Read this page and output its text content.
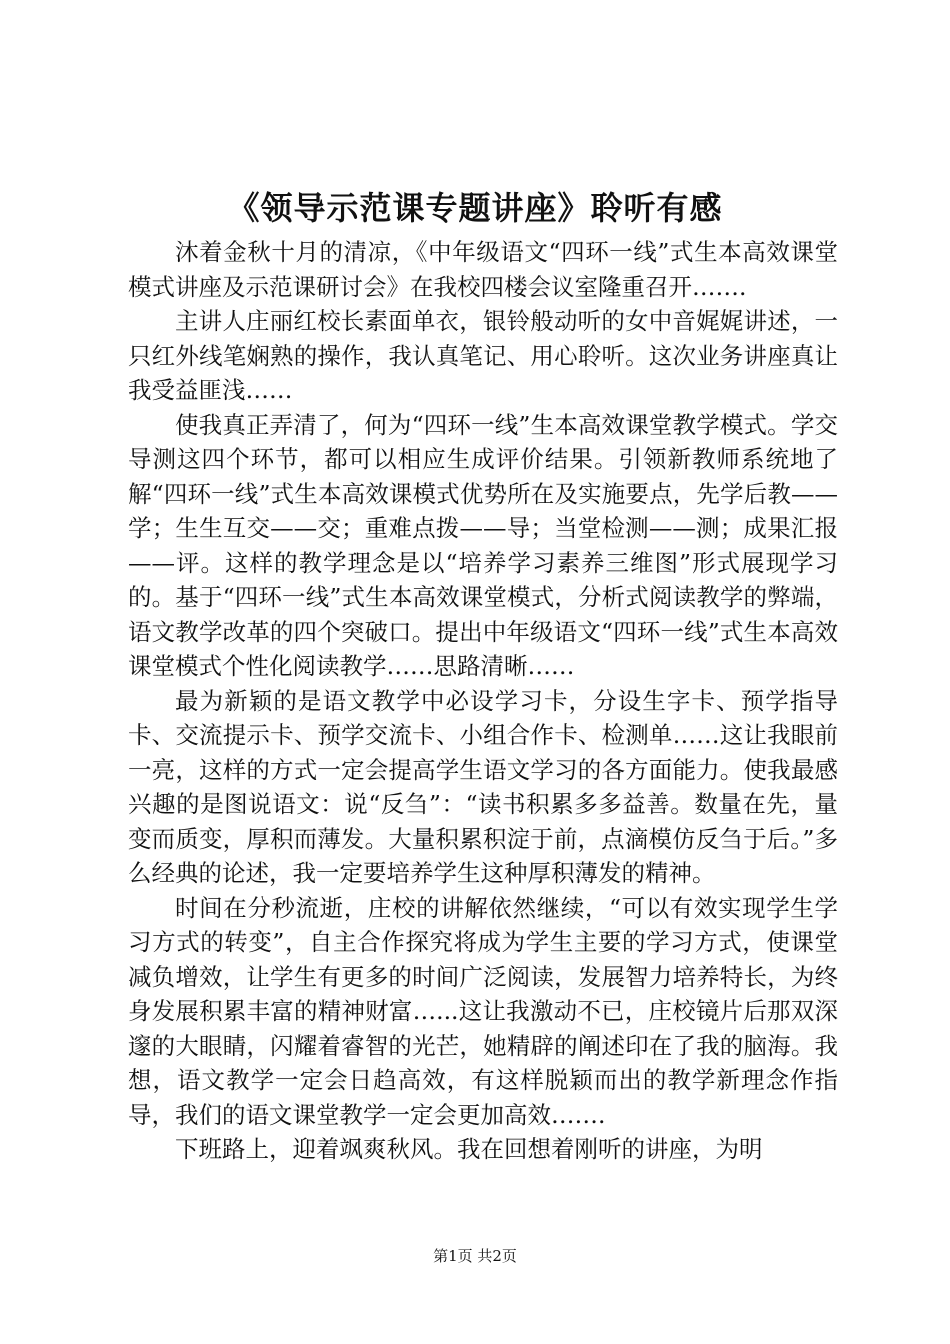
《领导示范课专题讲座》聆听有感

沐着金秋十月的清凉，《中年级语文“四环一线”式生本高效课堂模式讲座及示范课研讨会》在我校四楼会议室隆重召开…….

主讲人庄丽红校长素面单衣，银铃般动听的女中音娓娓讲述，一只红外线笔娴熟的操作，我认真笔记、用心聆听。这次业务讲座真让我受益匪浅……

使我真正弄清了，何为“四环一线”生本高效课堂教学模式。学交导测这四个环节，都可以相应生成评价结果。引领新教师系统地了解“四环一线”式生本高效课模式优势所在及实施要点，先学后教——学；生生互交——交；重难点拨——导；当堂检测——测；成果汇报——评。这样的教学理念是以“培养学习素养三维图”形式展现学习的。基于“四环一线”式生本高效课堂模式，分析式阅读教学的弊端，语文教学改革的四个突破口。提出中年级语文“四环一线”式生本高效课堂模式个性化阅读教学……思路清晰……

最为新颖的是语文教学中必设学习卡，分设生字卡、预学指导卡、交流提示卡、预学交流卡、小组合作卡、检测单……这让我眼前一亮，这样的方式一定会提高学生语文学习的各方面能力。使我最感兴趣的是图说语文：说“反刍”：“读书积累多多益善。数量在先，量变而质变，厚积而薄发。大量积累积淀于前，点滴模仿反刍于后。”多么经典的论述，我一定要培养学生这种厚积薄发的精神。

时间在分秒流逝，庄校的讲解依然继续，“可以有效实现学生学习方式的转变”，自主合作探究将成为学生主要的学习方式，使课堂减负增效，让学生有更多的时间广泛阅读，发展智力培养特长，为终身发展积累丰富的精神财富…...这让我激动不已，庄校镜片后那双深邃的大眼睛，闪耀着睿智的光芒，她精辟的阐述印在了我的脑海。我想，语文教学一定会日趋高效，有这样脱颖而出的教学新理念作指导，我们的语文课堂教学一定会更加高效…….

下班路上，迎着飒爽秋风。我在回想着刚听的讲座，为明

第1页 共2页
